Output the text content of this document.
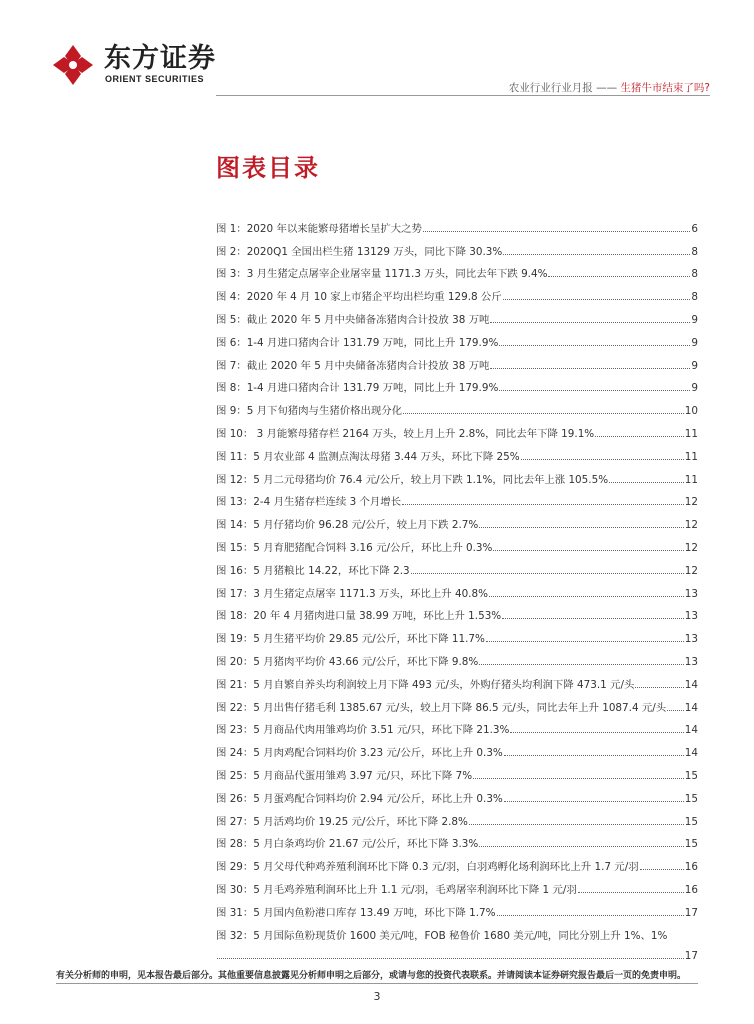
东方证券
ORIENT SECURITIES
农业行业行业月报 —— 生猪牛市结束了吗?
图表目录
图 1：2020 年以来能繁母猪增长呈扩大之势	6
图 2：2020Q1 全国出栏生猪 13129 万头，同比下降 30.3%	8
图 3：3 月生猪定点屠宰企业屠宰量 1171.3 万头，同比去年下跌 9.4%	8
图 4：2020 年 4 月 10 家上市猪企平均出栏均重 129.8 公斤	8
图 5：截止 2020 年 5 月中央储备冻猪肉合计投放 38 万吨	9
图 6：1-4 月进口猪肉合计 131.79 万吨，同比上升 179.9%	9
图 7：截止 2020 年 5 月中央储备冻猪肉合计投放 38 万吨	9
图 8：1-4 月进口猪肉合计 131.79 万吨，同比上升 179.9%	9
图 9：5 月下旬猪肉与生猪价格出现分化	10
图 10： 3 月能繁母猪存栏 2164 万头，较上月上升 2.8%，同比去年下降 19.1%	11
图 11：5 月农业部 4 监测点淘汰母猪 3.44 万头，环比下降 25%	11
图 12：5 月二元母猪均价 76.4 元/公斤，较上月下跌 1.1%，同比去年上涨 105.5%	11
图 13：2-4 月生猪存栏连续 3 个月增长	12
图 14：5 月仔猪均价 96.28 元/公斤，较上月下跌 2.7%	12
图 15：5 月育肥猪配合饲料 3.16 元/公斤，环比上升 0.3%	12
图 16：5 月猪粮比 14.22，环比下降 2.3	12
图 17：3 月生猪定点屠宰 1171.3 万头，环比上升 40.8%	13
图 18：20 年 4 月猪肉进口量 38.99 万吨，环比上升 1.53%	13
图 19：5 月生猪平均价 29.85 元/公斤，环比下降 11.7%	13
图 20：5 月猪肉平均价 43.66 元/公斤，环比下降 9.8%	13
图 21：5 月自繁自养头均利润较上月下降 493 元/头，外购仔猪头均利润下降 473.1 元/头	14
图 22：5 月出售仔猪毛利 1385.67 元/头，较上月下降 86.5 元/头，同比去年上升 1087.4 元/头 14
图 23：5 月商品代肉用雏鸡均价 3.51 元/只，环比下降 21.3%	14
图 24：5 月肉鸡配合饲料均价 3.23 元/公斤，环比上升 0.3%	14
图 25：5 月商品代蛋用雏鸡 3.97 元/只，环比下降 7%	15
图 26：5 月蛋鸡配合饲料均价 2.94 元/公斤，环比上升 0.3%	15
图 27：5 月活鸡均价 19.25 元/公斤，环比下降 2.8%	15
图 28：5 月白条鸡均价 21.67 元/公斤，环比下降 3.3%	15
图 29：5 月父母代种鸡养殖利润环比下降 0.3 元/羽，白羽鸡孵化场利润环比上升 1.7 元/羽	16
图 30：5 月毛鸡养殖利润环比上升 1.1 元/羽，毛鸡屠宰利润环比下降 1 元/羽	16
图 31：5 月国内鱼粉港口库存 13.49 万吨，环比下降 1.7%	17
图 32：5 月国际鱼粉现货价 1600 美元/吨，FOB 秘鲁价 1680 美元/吨，同比分别上升 1%、1%
17
有关分析师的申明，见本报告最后部分。其他重要信息披露见分析师申明之后部分，或请与您的投资代表联系。并请阅读本证券研究报告最后一页的免责申明。
3
